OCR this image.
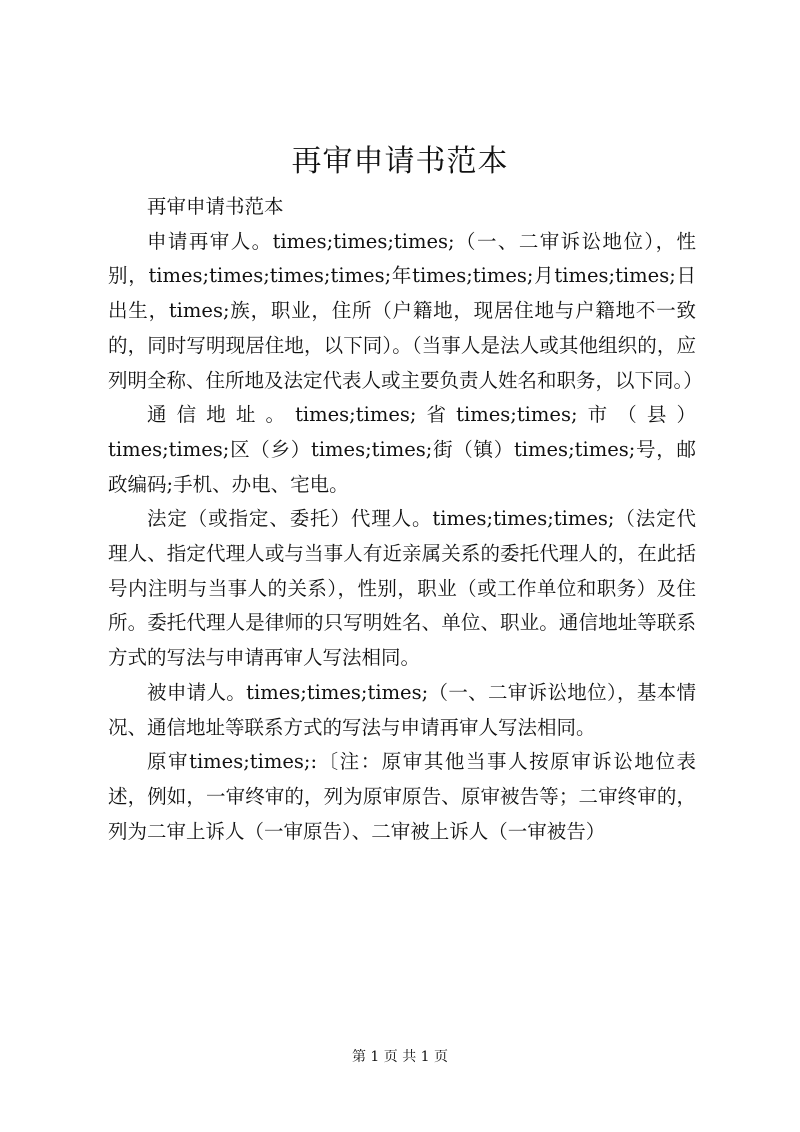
再审申请书范本

再审申请书范本

申请再审人。times;times;times;（一、二审诉讼地位），性别，times;times;times;times;年times;times;月times;times;日出生，times;族，职业，住所（户籍地，现居住地与户籍地不一致的，同时写明现居住地，以下同）。（当事人是法人或其他组织的，应列明全称、住所地及法定代表人或主要负责人姓名和职务，以下同。）

通信地址。times;times;省times;times;市（县）times;times;区（乡）times;times;街（镇）times;times;号，邮政编码;手机、办电、宅电。

法定（或指定、委托）代理人。times;times;times;（法定代理人、指定代理人或与当事人有近亲属关系的委托代理人的，在此括号内注明与当事人的关系），性别，职业（或工作单位和职务）及住所。委托代理人是律师的只写明姓名、单位、职业。通信地址等联系方式的写法与申请再审人写法相同。

被申请人。times;times;times;（一、二审诉讼地位），基本情况、通信地址等联系方式的写法与申请再审人写法相同。

原审times;times;:〔注：原审其他当事人按原审诉讼地位表述，例如，一审终审的，列为原审原告、原审被告等；二审终审的，列为二审上诉人（一审原告）、二审被上诉人（一审被告）

第 1 页 共 1 页
